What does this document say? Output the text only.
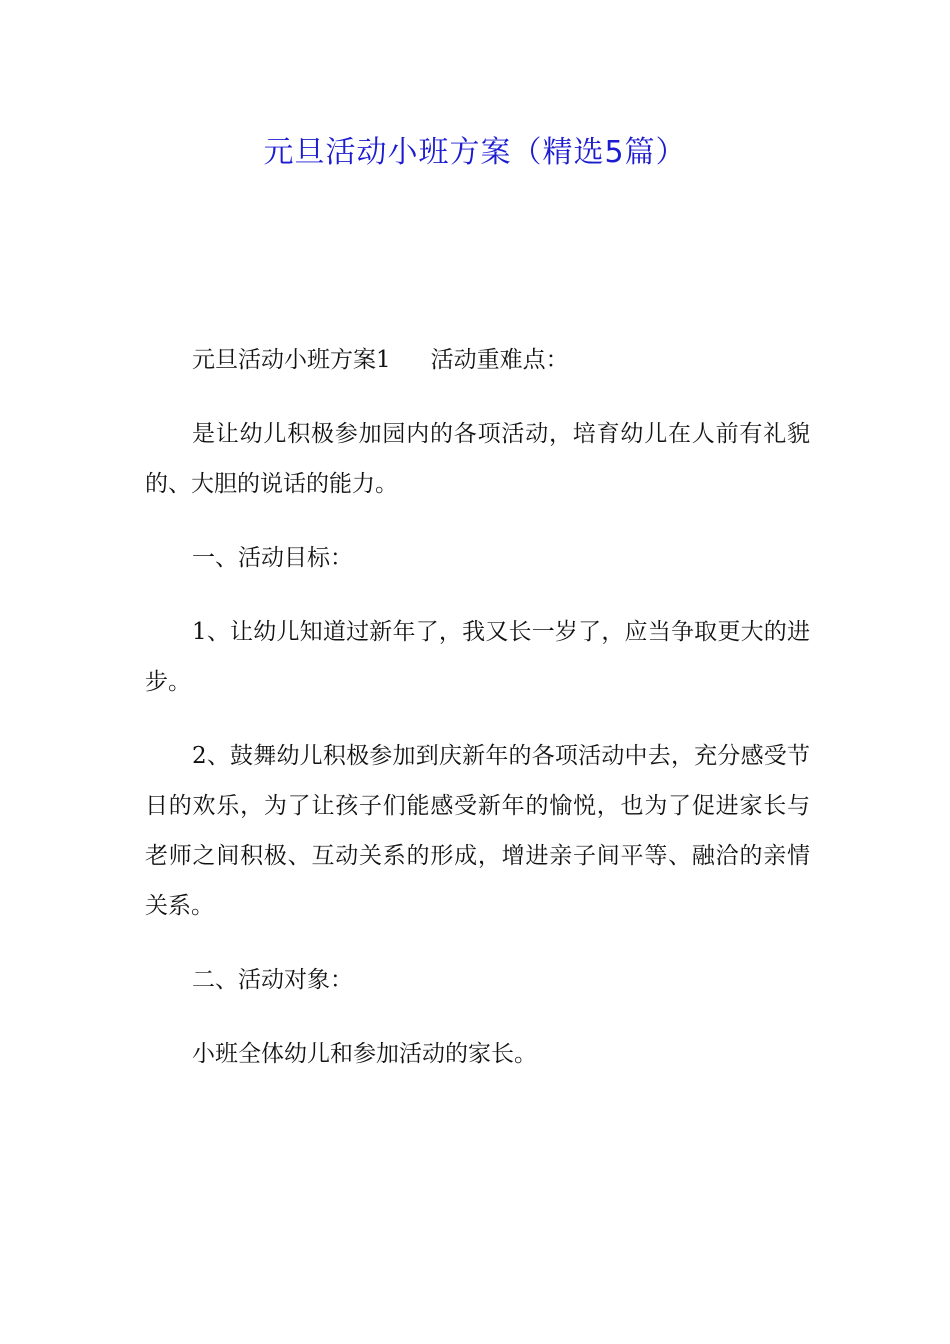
元旦活动小班方案（精选5篇）

元旦活动小班方案1 活动重难点：

是让幼儿积极参加园内的各项活动，培育幼儿在人前有礼貌的、大胆的说话的能力。

一、活动目标：

1、让幼儿知道过新年了，我又长一岁了，应当争取更大的进步。

2、鼓舞幼儿积极参加到庆新年的各项活动中去，充分感受节日的欢乐，为了让孩子们能感受新年的愉悦，也为了促进家长与老师之间积极、互动关系的形成，增进亲子间平等、融洽的亲情关系。

二、活动对象：

小班全体幼儿和参加活动的家长。
